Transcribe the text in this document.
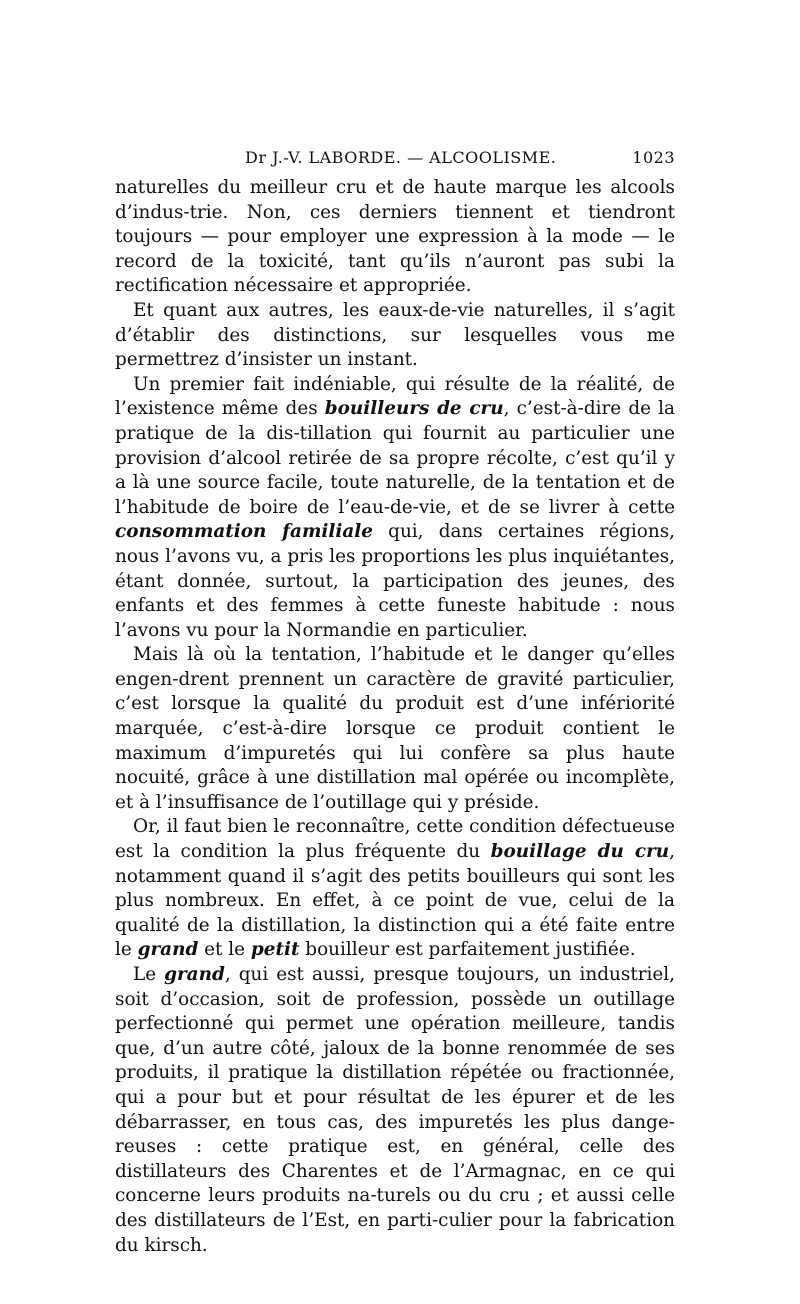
Dr J.-V. LABORDE. — ALCOOLISME.	1023

naturelles du meilleur cru et de haute marque les alcools d’indus-trie. Non, ces derniers tiennent et tiendront toujours — pour employer une expression à la mode — le record de la toxicité, tant qu’ils n’auront pas subi la rectification nécessaire et appropriée.

Et quant aux autres, les eaux-de-vie naturelles, il s’agit d’établir des distinctions, sur lesquelles vous me permettrez d’insister un instant.

Un premier fait indéniable, qui résulte de la réalité, de l’existence même des bouilleurs de cru, c’est-à-dire de la pratique de la dis-tillation qui fournit au particulier une provision d’alcool retirée de sa propre récolte, c’est qu’il y a là une source facile, toute naturelle, de la tentation et de l’habitude de boire de l’eau-de-vie, et de se livrer à cette consommation familiale qui, dans certaines régions, nous l’avons vu, a pris les proportions les plus inquiétantes, étant donnée, surtout, la participation des jeunes, des enfants et des femmes à cette funeste habitude : nous l’avons vu pour la Normandie en particulier.

Mais là où la tentation, l’habitude et le danger qu’elles engen-drent prennent un caractère de gravité particulier, c’est lorsque la qualité du produit est d’une infériorité marquée, c’est-à-dire lorsque ce produit contient le maximum d’impuretés qui lui confère sa plus haute nocuité, grâce à une distillation mal opérée ou incomplète, et à l’insuffisance de l’outillage qui y préside.

Or, il faut bien le reconnaître, cette condition défectueuse est la condition la plus fréquente du bouillage du cru, notamment quand il s’agit des petits bouilleurs qui sont les plus nombreux. En effet, à ce point de vue, celui de la qualité de la distillation, la distinction qui a été faite entre le grand et le petit bouilleur est parfaitement justifiée.

Le grand, qui est aussi, presque toujours, un industriel, soit d’occasion, soit de profession, possède un outillage perfectionné qui permet une opération meilleure, tandis que, d’un autre côté, jaloux de la bonne renommée de ses produits, il pratique la distillation répétée ou fractionnée, qui a pour but et pour résultat de les épurer et de les débarrasser, en tous cas, des impuretés les plus dange-reuses : cette pratique est, en général, celle des distillateurs des Charentes et de l’Armagnac, en ce qui concerne leurs produits na-turels ou du cru ; et aussi celle des distillateurs de l’Est, en parti-culier pour la fabrication du kirsch.
